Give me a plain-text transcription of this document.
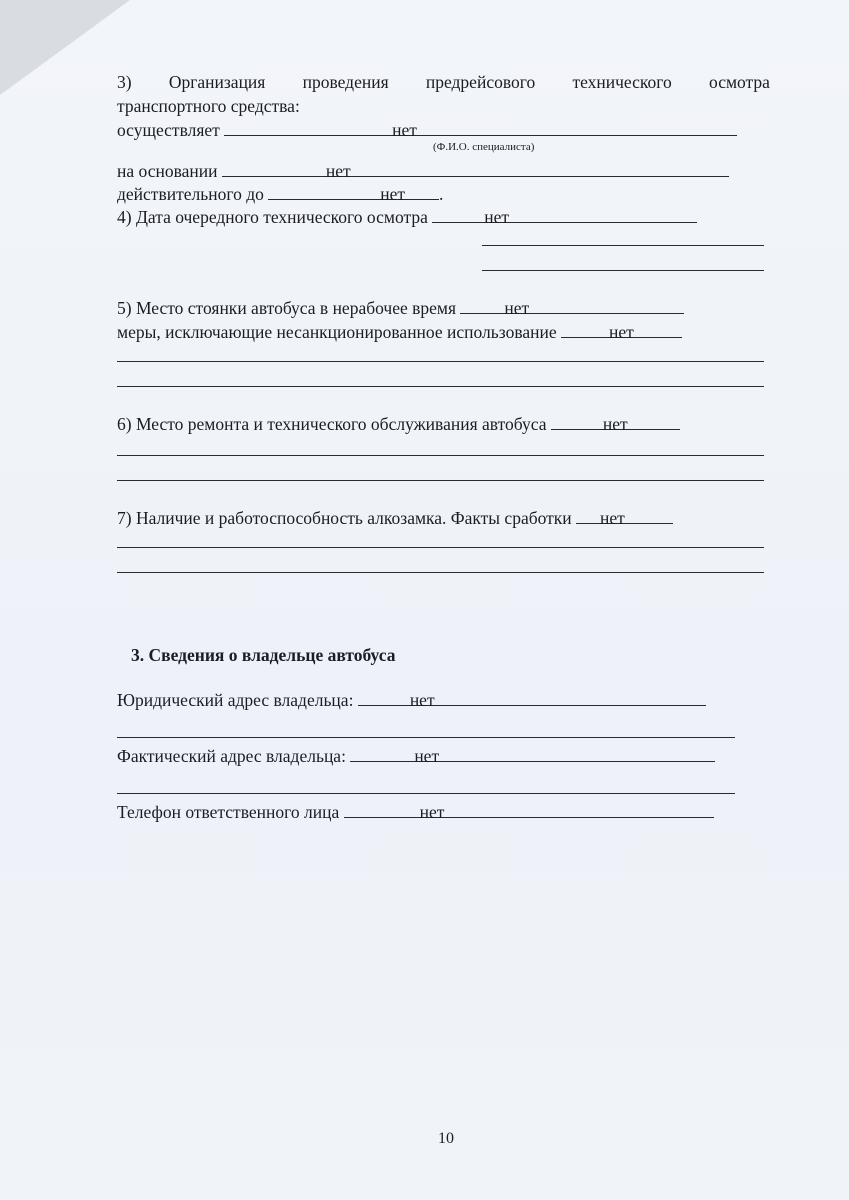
3) Организация проведения предрейсового технического осмотра
транспортного средства:
осуществляет	нет
(Ф.И.О. специалиста)
на основании	нет
действительного до	нет .
4) Дата очередного технического осмотра	нет
5) Место стоянки автобуса в нерабочее время	нет
меры, исключающие несанкционированное использование	нет
6) Место ремонта и технического обслуживания автобуса	нет
7) Наличие и работоспособность алкозамка. Факты сработки нет
3. Сведения о владельце автобуса
Юридический адрес владельца:	нет
Фактический адрес владельца:	нет
Телефон ответственного лица	нет
10
